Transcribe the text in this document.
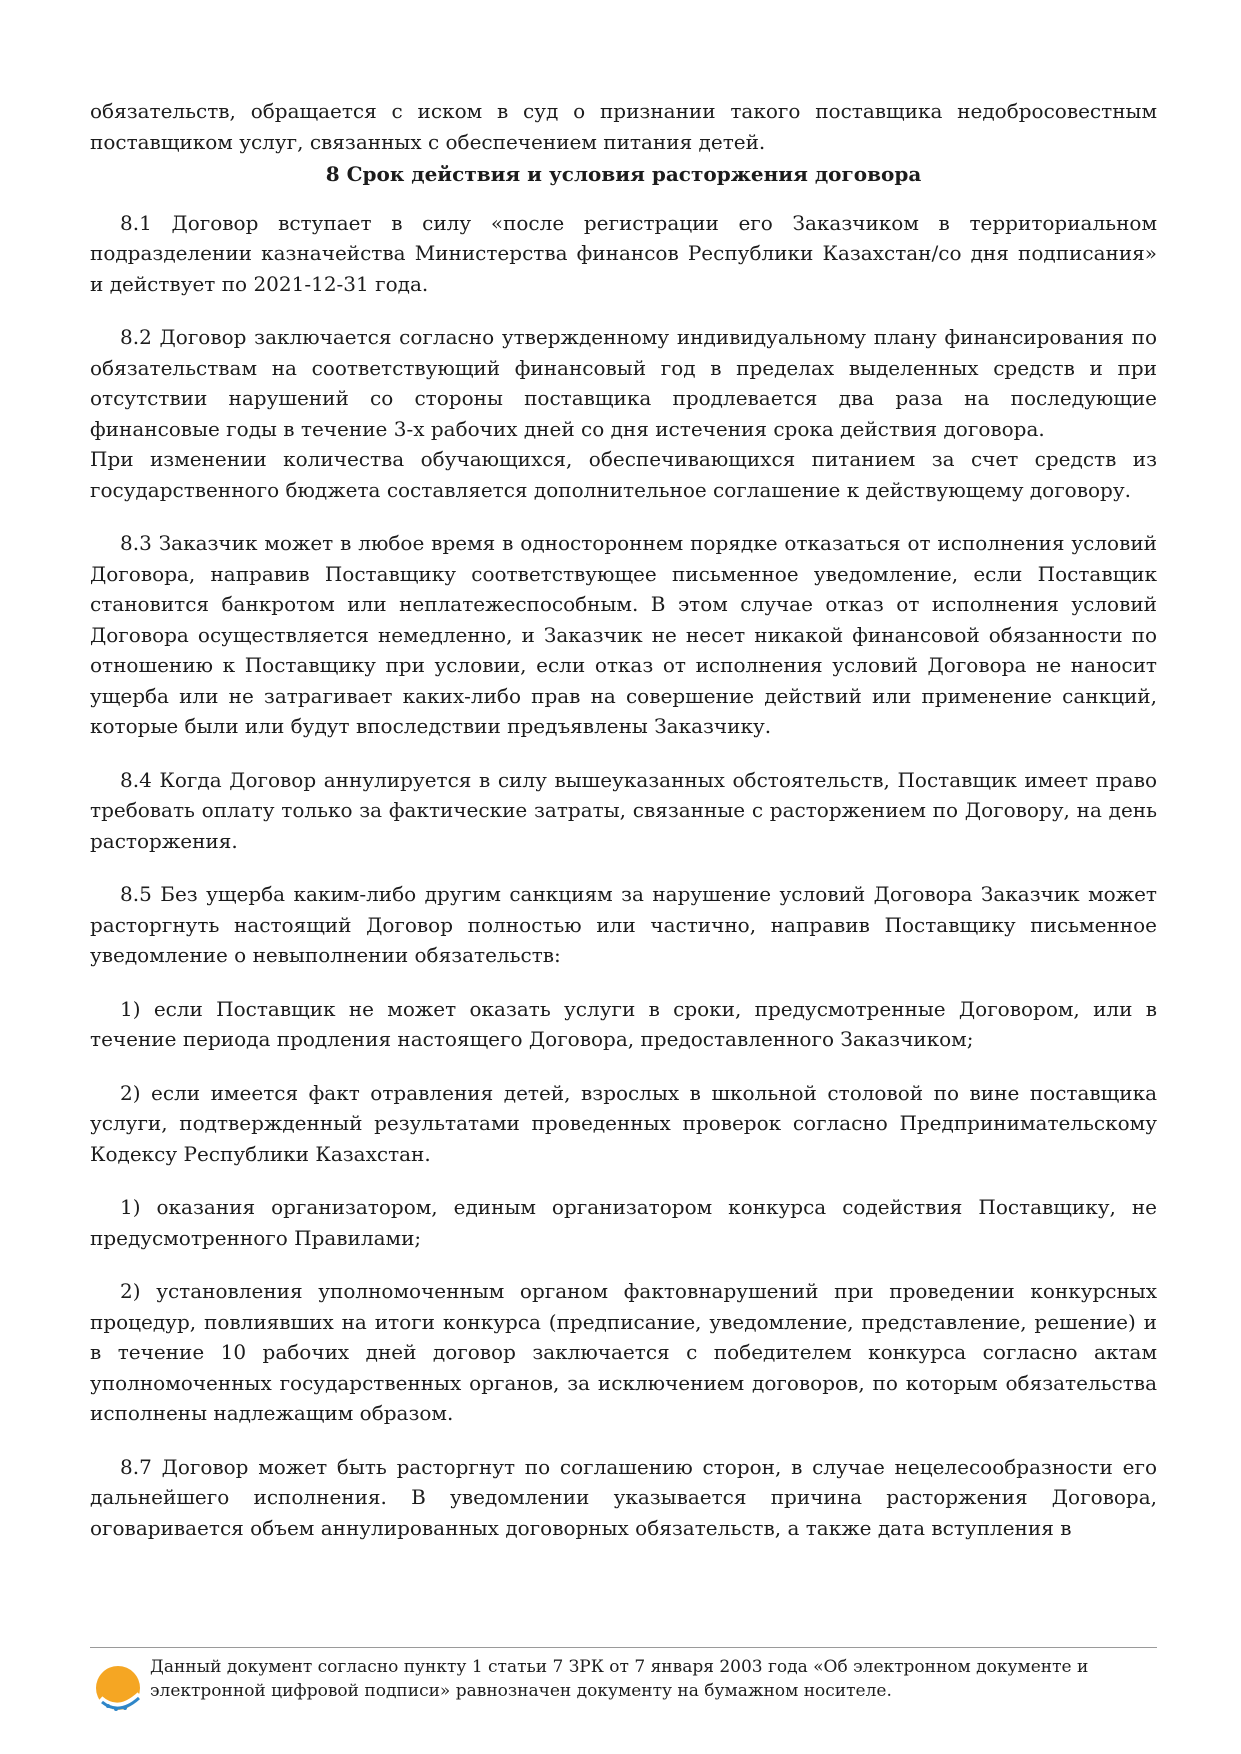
обязательств, обращается с иском в суд о признании такого поставщика недобросовестным поставщиком услуг, связанных с обеспечением питания детей.

8 Срок действия и условия расторжения договора

8.1 Договор вступает в силу «после регистрации его Заказчиком в территориальном подразделении казначейства Министерства финансов Республики Казахстан/со дня подписания» и действует по 2021-12-31 года.

8.2 Договор заключается согласно утвержденному индивидуальному плану финансирования по обязательствам на соответствующий финансовый год в пределах выделенных средств и при отсутствии нарушений со стороны поставщика продлевается два раза на последующие финансовые годы в течение 3-х рабочих дней со дня истечения срока действия договора.

При изменении количества обучающихся, обеспечивающихся питанием за счет средств из государственного бюджета составляется дополнительное соглашение к действующему договору.

8.3 Заказчик может в любое время в одностороннем порядке отказаться от исполнения условий Договора, направив Поставщику соответствующее письменное уведомление, если Поставщик становится банкротом или неплатежеспособным. В этом случае отказ от исполнения условий Договора осуществляется немедленно, и Заказчик не несет никакой финансовой обязанности по отношению к Поставщику при условии, если отказ от исполнения условий Договора не наносит ущерба или не затрагивает каких-либо прав на совершение действий или применение санкций, которые были или будут впоследствии предъявлены Заказчику.

8.4 Когда Договор аннулируется в силу вышеуказанных обстоятельств, Поставщик имеет право требовать оплату только за фактические затраты, связанные с расторжением по Договору, на день расторжения.

8.5 Без ущерба каким-либо другим санкциям за нарушение условий Договора Заказчик может расторгнуть настоящий Договор полностью или частично, направив Поставщику письменное уведомление о невыполнении обязательств:

1) если Поставщик не может оказать услуги в сроки, предусмотренные Договором, или в течение периода продления настоящего Договора, предоставленного Заказчиком;

2) если имеется факт отравления детей, взрослых в школьной столовой по вине поставщика услуги, подтвержденный результатами проведенных проверок согласно Предпринимательскому Кодексу Республики Казахстан.

1) оказания организатором, единым организатором конкурса содействия Поставщику, не предусмотренного Правилами;

2) установления уполномоченным органом фактовнарушений при проведении конкурсных процедур, повлиявших на итоги конкурса (предписание, уведомление, представление, решение) и в течение 10 рабочих дней договор заключается с победителем конкурса согласно актам уполномоченных государственных органов, за исключением договоров, по которым обязательства исполнены надлежащим образом.

8.7 Договор может быть расторгнут по соглашению сторон, в случае нецелесообразности его дальнейшего исполнения. В уведомлении указывается причина расторжения Договора, оговаривается объем аннулированных договорных обязательств, а также дата вступления в

Данный документ согласно пункту 1 статьи 7 ЗРК от 7 января 2003 года «Об электронном документе и электронной цифровой подписи» равнозначен документу на бумажном носителе.
